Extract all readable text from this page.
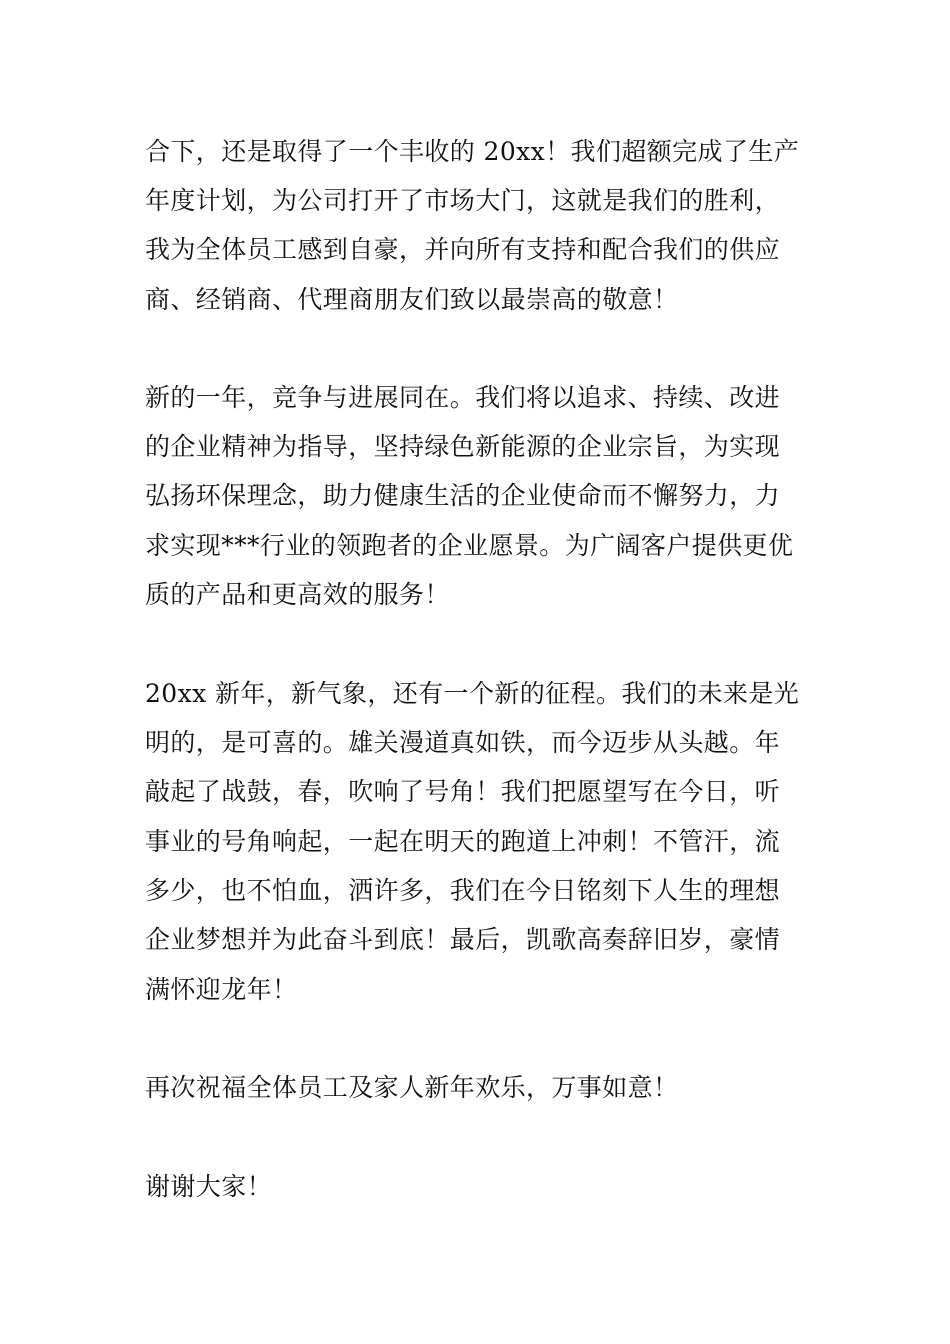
合下，还是取得了一个丰收的 20xx！我们超额完成了生产
年度计划，为公司打开了市场大门，这就是我们的胜利，
我为全体员工感到自豪，并向所有支持和配合我们的供应
商、经销商、代理商朋友们致以最崇高的敬意！
新的一年，竞争与进展同在。我们将以追求、持续、改进
的企业精神为指导，坚持绿色新能源的企业宗旨，为实现
弘扬环保理念，助力健康生活的企业使命而不懈努力，力
求实现***行业的领跑者的企业愿景。为广阔客户提供更优
质的产品和更高效的服务！
20xx 新年，新气象，还有一个新的征程。我们的未来是光
明的，是可喜的。雄关漫道真如铁，而今迈步从头越。年
敲起了战鼓，春，吹响了号角！我们把愿望写在今日，听
事业的号角响起，一起在明天的跑道上冲刺！不管汗，流
多少，也不怕血，洒许多，我们在今日铭刻下人生的理想
企业梦想并为此奋斗到底！最后，凯歌高奏辞旧岁，豪情
满怀迎龙年！
再次祝福全体员工及家人新年欢乐，万事如意！
谢谢大家！
